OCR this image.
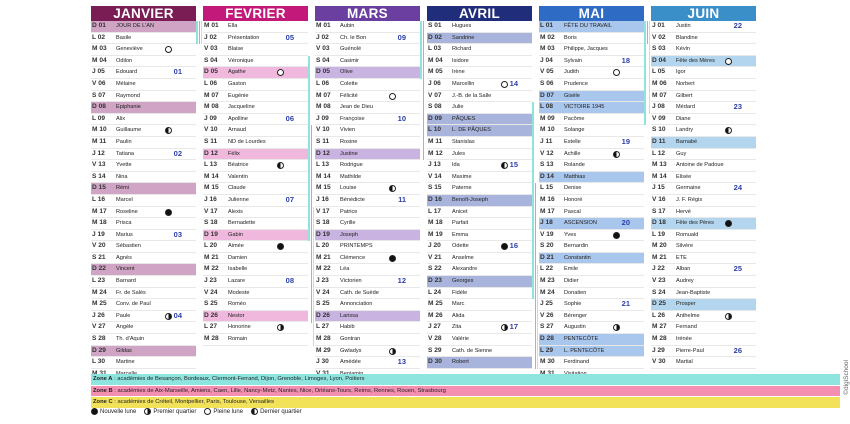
JANVIER
D 01	JOUR DE L'AN
L 02	Basile
M 03	Geneviève
M 04	Odilon
J 05	Edouard	01
V 06	Mélaine
S 07	Raymond
D 08	Epiphanie
L 09	Alix
M 10	Guillaume
M 11	Paulin
J 12	Tatiana	02
V 13	Yvette
S 14	Nina
D 15	Rémi
L 16	Marcel
M 17	Roseline
M 18	Prisca
J 19	Marius	03
V 20	Sébastien
S 21	Agnès
D 22	Vincent
L 23	Barnard
M 24	Fr. de Salès
M 25	Conv. de Paul
J 26	Paule	04
V 27	Angèle
S 28	Th. d'Aquin
D 29	Gildas
L 30	Martine
FEVRIER
M 01	Ella
J 02	Présentation	05
V 03	Blaise
S 04	Véronique
D 05	Agathe
L 06	Gaston
M 07	Eugénie
M 08	Jacqueline
J 09	Apolline	06
V 10	Arnaud
S 11	ND de Lourdes
D 12	Félix
L 13	Béatrice
M 14	Valentin
M 15	Claude
J 16	Julienne	07
V 17	Alexis
S 18	Bernadette
D 19	Gabin
L 20	Aimée
M 21	Damien
M 22	Isabelle
J 23	Lazare	08
V 24	Modeste
S 25	Roméo
D 26	Nestor
L 27	Honorine
M 28	Romain
MARS
M 01	Aubin
J 02	Ch. le Bon	09
V 03	Guénolé
S 04	Casimir
D 05	Olive
L 06	Colette
M 07	Félicité
M 08	Jean de Dieu
J 09	Françoise	10
V 10	Vivien
S 11	Rosine
D 12	Justine
L 13	Rodrigue
M 14	Mathilde
M 15	Louise
J 16	Bénédicte	11
V 17	Patrice
S 18	Cyrille
D 19	Joseph
L 20	PRINTEMPS
M 21	Clémence
M 22	Léa
J 23	Victorien	12
V 24	Cath. de Suède
S 25	Annonciation
D 26	Larissa
L 27	Habib
M 28	Gontran
M 29	Gwladys
J 30	Amédée	13
AVRIL
S 01	Hugues
D 02	Sandrine
L 03	Richard
M 04	Isidore
M 05	Irène
J 06	Marcellin	14
V 07	J.-B. de la Salle
S 08	Julie
D 09	PÂQUES
L 10	L. DE PÂQUES
M 11	Stanislas
M 12	Jules
J 13	Ida	15
V 14	Maxime
S 15	Paterne
D 16	Benoît-Joseph
L 17	Anicet
M 18	Parfait
M 19	Emma
J 20	Odette	16
V 21	Anselme
S 22	Alexandre
D 23	Georges
L 24	Fidèle
M 25	Marc
M 26	Alida
J 27	Zita	17
V 28	Valérie
S 29	Cath. de Sienne
D 30	Robert
MAI
L 01	FÊTE DU TRAVAIL
M 02	Boris
M 03	Philippe, Jacques
J 04	Sylvain	18
V 05	Judith
S 06	Prudence
D 07	Gisèle
L 08	VICTOIRE 1945
M 09	Pacôme
M 10	Solange
J 11	Estelle	19
V 12	Achille
S 13	Rolande
D 14	Matthias
L 15	Denise
M 16	Honoré
M 17	Pascal
J 18	ASCENSION	20
V 19	Yves
S 20	Bernardin
D 21	Constantin
L 22	Emile
M 23	Didier
M 24	Donatien
J 25	Sophie	21
V 26	Bérenger
S 27	Augustin
D 28	PENTECÔTE
L 29	L. PENTECÔTE
M 30	Ferdinand
JUIN
J 01	Justin	22
V 02	Blandine
S 03	Kévin
D 04	Fête des Mères
L 05	Igor
M 06	Norbert
M 07	Gilbert
J 08	Médard	23
V 09	Diane
S 10	Landry
D 11	Barnabé
L 12	Guy
M 13	Antoine de Padoue
M 14	Elisée
J 15	Germaine	24
V 16	J. F. Régis
S 17	Hervé
D 18	Fête des Pères
L 19	Romuald
M 20	Silvère
M 21	ETE
J 22	Alban	25
V 23	Audrey
S 24	Jean-Baptiste
D 25	Prosper
L 26	Anthelme
M 27	Fernand
M 28	Irénée
J 29	Pierre-Paul	26
V 30	Martial
Zone A : académies de Besançon, Bordeaux, Clermont-Ferrand, Dijon, Grenoble, Limoges, Lyon, Poitiers
Zone B : académies de Aix-Marseille, Amiens, Caen, Lille, Nancy-Metz, Nantes, Nice, Orléans-Tours, Reims, Rennes, Rouen, Strasbourg
Zone C : académies de Créteil, Montpellier, Paris, Toulouse, Versailles
Nouvelle lune	Premier quartier	Pleine lune	Dernier quartier
©digiSchool
